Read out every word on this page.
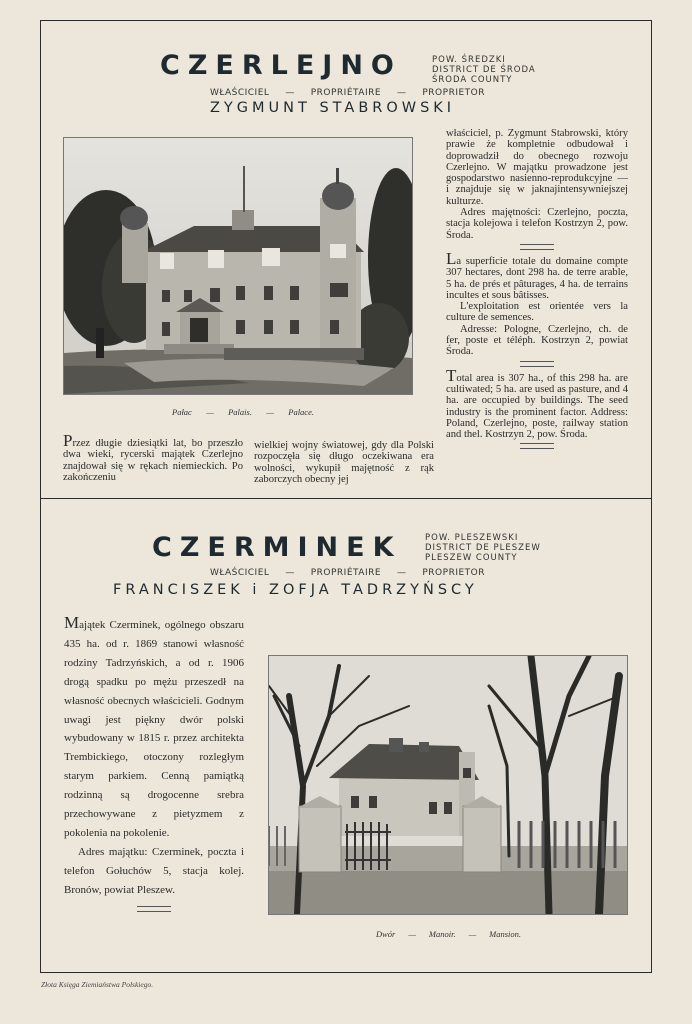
CZERLEJNO	POW. ŚREDZKI
DISTRICT DE ŚRODA
ŚRODA COUNTY
WŁAŚCICIEL — PROPRIÉTAIRE — PROPRIETOR
ZYGMUNT STABROWSKI
Pałac — Palais. — Palace.

Przez długie dziesiątki lat, bo przeszło dwa wieki, rycerski majątek Czerlejno znajdował się w rękach niemieckich. Po zakończeniu

wielkiej wojny światowej, gdy dla Polski rozpoczęła się długo oczekiwana era wolności, wykupił majętność z rąk zaborczych obecny jej

właściciel, p. Zygmunt Stabrowski, który prawie że kompletnie odbudował i doprowadził do obecnego rozwoju Czerlejno. W majątku prowadzone jest gospodarstwo nasienno-reprodukcyjne — i znajduje się w jaknajintensywniejszej kulturze.

Adres majętności: Czerlejno, poczta, stacja kolejowa i telefon Kostrzyn 2, pow. Środa.

La superficie totale du domaine compte 307 hectares, dont 298 ha. de terre arable, 5 ha. de prés et pâturages, 4 ha. de terrains incultes et sous bâtisses.

L'exploitation est orientée vers la culture de semences.

Adresse: Pologne, Czerlejno, ch. de fer, poste et téléph. Kostrzyn 2, powiat Środa.

Total area is 307 ha., of this 298 ha. are cultiwated; 5 ha. are used as pasture, and 4 ha. are occupied by buildings. The seed industry is the prominent factor. Address: Poland, Czerlejno, poste, railway station and thel. Kostrzyn 2, pow. Środa.

CZERMINEK	POW. PLESZEWSKI
DISTRICT DE PLESZEW
PLESZEW COUNTY
WŁAŚCICIEL — PROPRIÉTAIRE — PROPRIETOR
FRANCISZEK i ZOFJA TADRZYŃSCY

Majątek Czerminek, ogólnego obszaru 435 ha. od r. 1869 stanowi własność rodziny Tadrzyńskich, a od r. 1906 drogą spadku po mężu przeszedł na własność obecnych właścicieli. Godnym uwagi jest piękny dwór polski wybudowany w 1815 r. przez architekta Trembickiego, otoczony rozległym starym parkiem. Cenną pamiątką rodzinną są drogocenne srebra przechowywane z pietyzmem z pokolenia na pokolenie.

Adres majątku: Czerminek, poczta i telefon Gołuchów 5, stacja kolej. Bronów, powiat Pleszew.

Dwór — Manoir. — Mansion.
Złota Księga Ziemiaństwa Polskiego.
